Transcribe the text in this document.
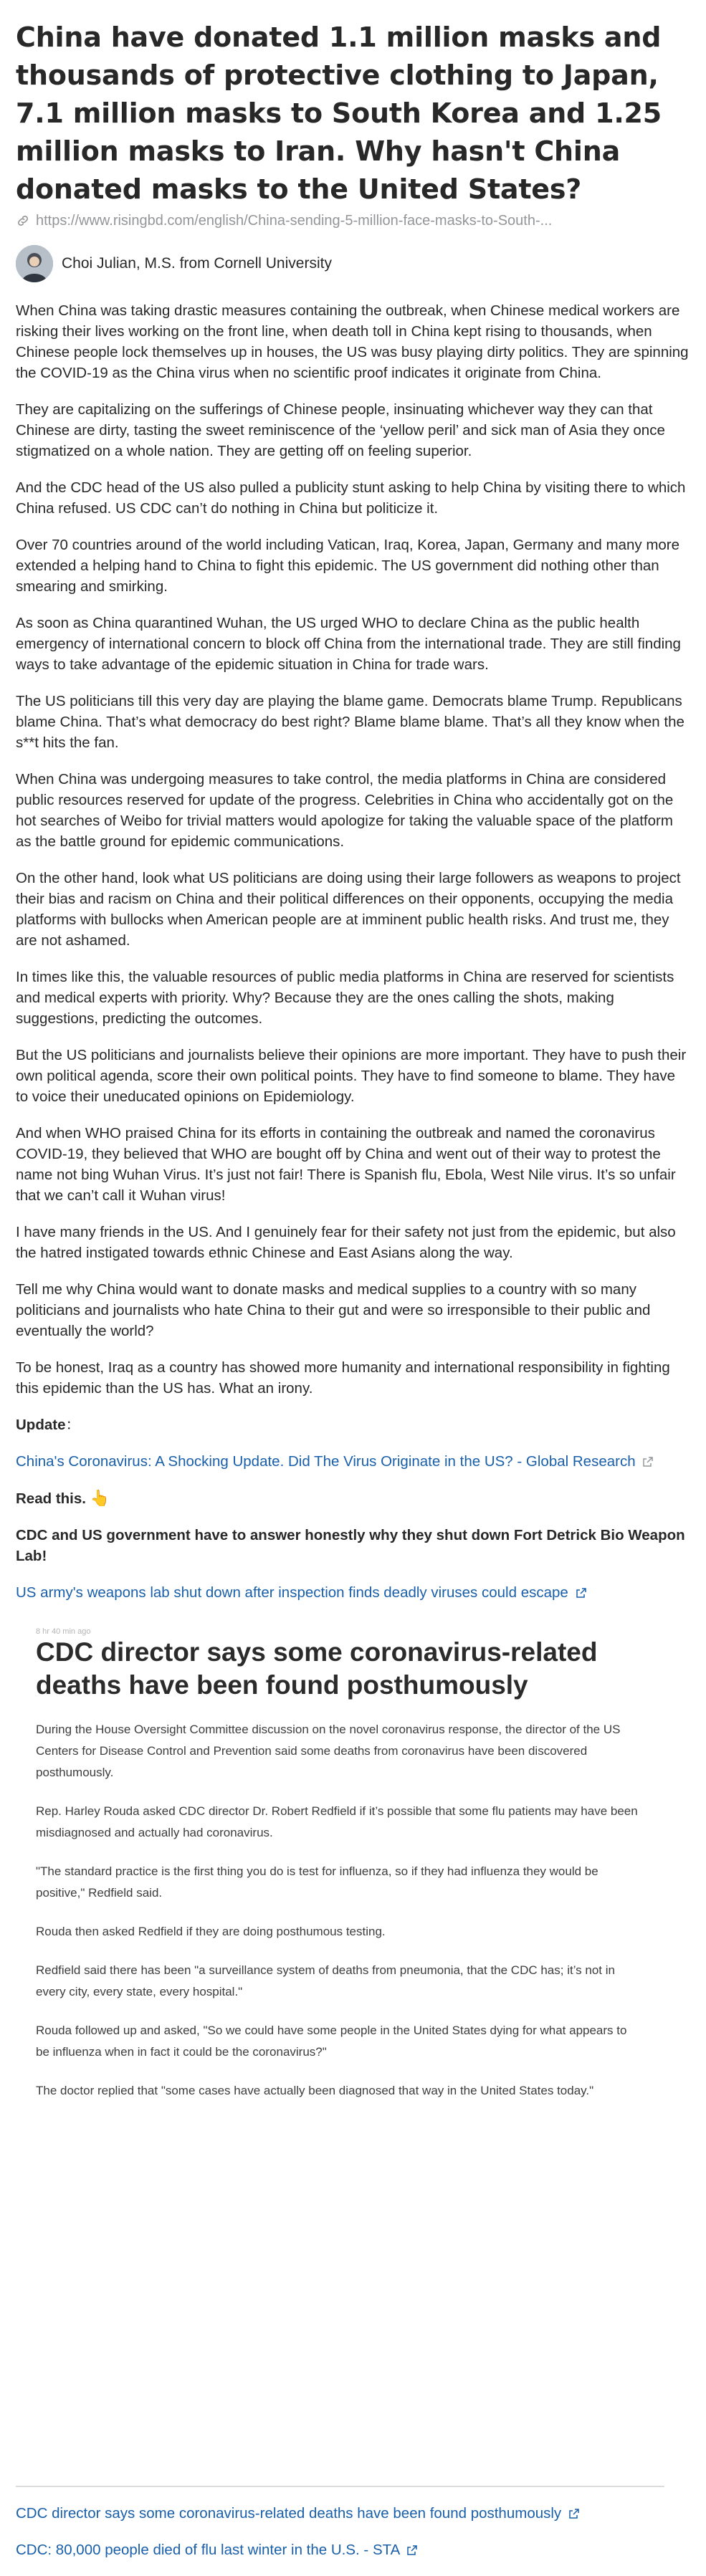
China have donated 1.1 million masks and thousands of protective clothing to Japan, 7.1 million masks to South Korea and 1.25 million masks to Iran. Why hasn't China donated masks to the United States?
https://www.risingbd.com/english/China-sending-5-million-face-masks-to-South-...
Choi Julian, M.S. from Cornell University

When China was taking drastic measures containing the outbreak, when Chinese medical workers are risking their lives working on the front line, when death toll in China kept rising to thousands, when Chinese people lock themselves up in houses, the US was busy playing dirty politics. They are spinning the COVID-19 as the China virus when no scientific proof indicates it originate from China.

They are capitalizing on the sufferings of Chinese people, insinuating whichever way they can that Chinese are dirty, tasting the sweet reminiscence of the ‘yellow peril’ and sick man of Asia they once stigmatized on a whole nation. They are getting off on feeling superior.

And the CDC head of the US also pulled a publicity stunt asking to help China by visiting there to which China refused. US CDC can’t do nothing in China but politicize it.

Over 70 countries around of the world including Vatican, Iraq, Korea, Japan, Germany and many more extended a helping hand to China to fight this epidemic. The US government did nothing other than smearing and smirking.

As soon as China quarantined Wuhan, the US urged WHO to declare China as the public health emergency of international concern to block off China from the international trade. They are still finding ways to take advantage of the epidemic situation in China for trade wars.

The US politicians till this very day are playing the blame game. Democrats blame Trump. Republicans blame China. That’s what democracy do best right? Blame blame blame. That’s all they know when the s**t hits the fan.

When China was undergoing measures to take control, the media platforms in China are considered public resources reserved for update of the progress. Celebrities in China who accidentally got on the hot searches of Weibo for trivial matters would apologize for taking the valuable space of the platform as the battle ground for epidemic communications.

On the other hand, look what US politicians are doing using their large followers as weapons to project their bias and racism on China and their political differences on their opponents, occupying the media platforms with bullocks when American people are at imminent public health risks. And trust me, they are not ashamed.

In times like this, the valuable resources of public media platforms in China are reserved for scientists and medical experts with priority. Why? Because they are the ones calling the shots, making suggestions, predicting the outcomes.

But the US politicians and journalists believe their opinions are more important. They have to push their own political agenda, score their own political points. They have to find someone to blame. They have to voice their uneducated opinions on Epidemiology.

And when WHO praised China for its efforts in containing the outbreak and named the coronavirus COVID-19, they believed that WHO are bought off by China and went out of their way to protest the name not bing Wuhan Virus. It’s just not fair! There is Spanish flu, Ebola, West Nile virus. It’s so unfair that we can’t call it Wuhan virus!

I have many friends in the US. And I genuinely fear for their safety not just from the epidemic, but also the hatred instigated towards ethnic Chinese and East Asians along the way.

Tell me why China would want to donate masks and medical supplies to a country with so many politicians and journalists who hate China to their gut and were so irresponsible to their public and eventually the world?

To be honest, Iraq as a country has showed more humanity and international responsibility in fighting this epidemic than the US has. What an irony.

Update：

China's Coronavirus: A Shocking Update. Did The Virus Originate in the US? - Global Research

Read this. 👆

CDC and US government have to answer honestly why they shut down Fort Detrick Bio Weapon Lab!

US army's weapons lab shut down after inspection finds deadly viruses could escape

8 hr 40 min ago
CDC director says some coronavirus-related deaths have been found posthumously

During the House Oversight Committee discussion on the novel coronavirus response, the director of the US Centers for Disease Control and Prevention said some deaths from coronavirus have been discovered posthumously.

Rep. Harley Rouda asked CDC director Dr. Robert Redfield if it’s possible that some flu patients may have been misdiagnosed and actually had coronavirus.

"The standard practice is the first thing you do is test for influenza, so if they had influenza they would be positive," Redfield said.

Rouda then asked Redfield if they are doing posthumous testing.

Redfield said there has been "a surveillance system of deaths from pneumonia, that the CDC has; it’s not in every city, every state, every hospital."

Rouda followed up and asked, "So we could have some people in the United States dying for what appears to be influenza when in fact it could be the coronavirus?"

The doctor replied that "some cases have actually been diagnosed that way in the United States today."

CDC director says some coronavirus-related deaths have been found posthumously

CDC: 80,000 people died of flu last winter in the U.S. - STA
